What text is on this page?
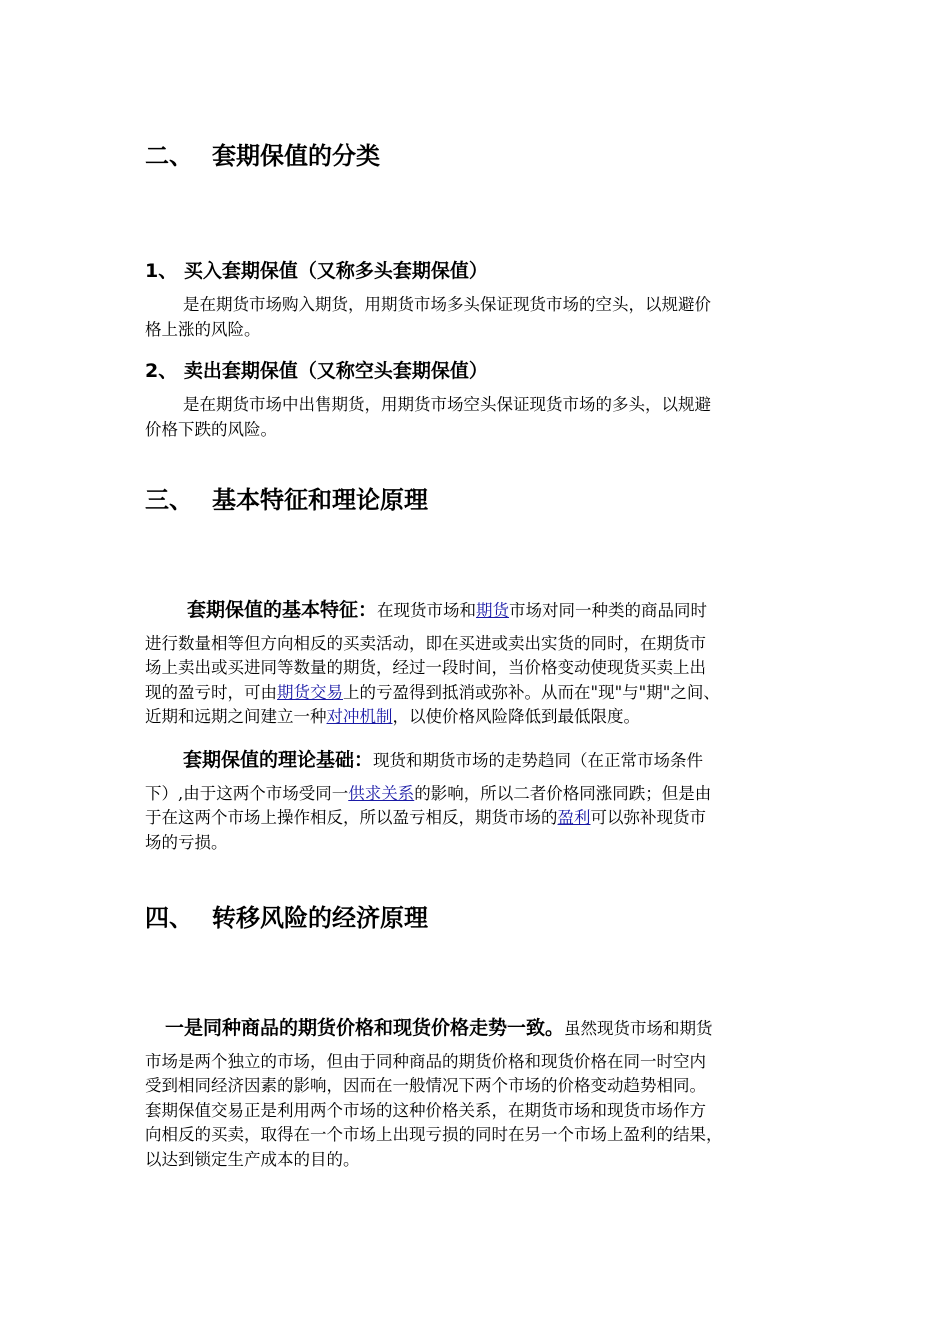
二、 套期保值的分类
1、 买入套期保值（又称多头套期保值）
是在期货市场购入期货，用期货市场多头保证现货市场的空头，以规避价
格上涨的风险。
2、 卖出套期保值（又称空头套期保值）
是在期货市场中出售期货，用期货市场空头保证现货市场的多头，以规避
价格下跌的风险。
三、 基本特征和理论原理
套期保值的基本特征：在现货市场和期货市场对同一种类的商品同时
进行数量相等但方向相反的买卖活动，即在买进或卖出实货的同时，在期货市
场上卖出或买进同等数量的期货，经过一段时间，当价格变动使现货买卖上出
现的盈亏时，可由期货交易上的亏盈得到抵消或弥补。从而在"现"与"期"之间、
近期和远期之间建立一种对冲机制，以使价格风险降低到最低限度。
套期保值的理论基础：现货和期货市场的走势趋同（在正常市场条件
下）,由于这两个市场受同一供求关系的影响，所以二者价格同涨同跌；但是由
于在这两个市场上操作相反，所以盈亏相反，期货市场的盈利可以弥补现货市
场的亏损。
四、 转移风险的经济原理
一是同种商品的期货价格和现货价格走势一致。虽然现货市场和期货
市场是两个独立的市场，但由于同种商品的期货价格和现货价格在同一时空内
受到相同经济因素的影响，因而在一般情况下两个市场的价格变动趋势相同。
套期保值交易正是利用两个市场的这种价格关系，在期货市场和现货市场作方
向相反的买卖，取得在一个市场上出现亏损的同时在另一个市场上盈利的结果，
以达到锁定生产成本的目的。
